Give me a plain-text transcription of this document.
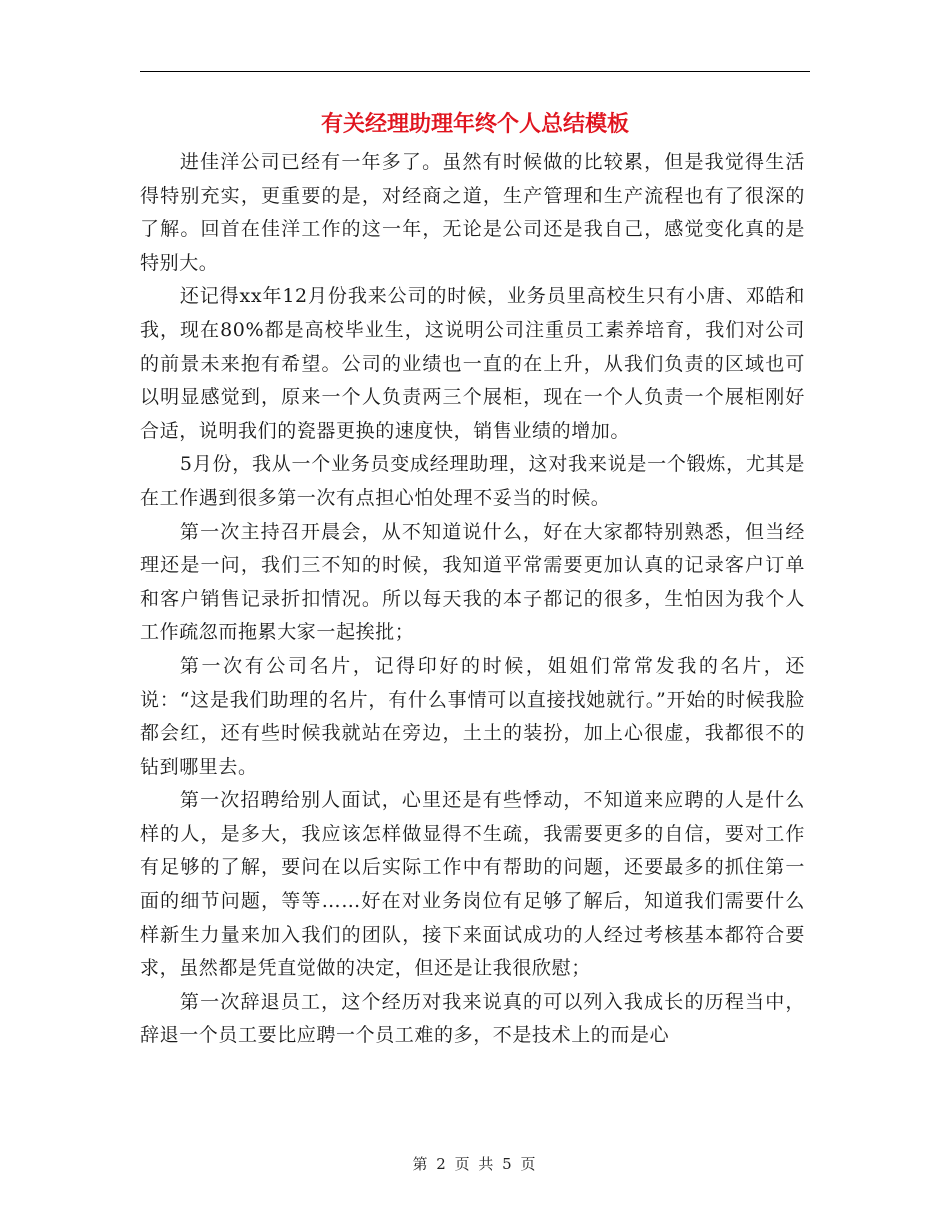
有关经理助理年终个人总结模板

进佳洋公司已经有一年多了。虽然有时候做的比较累，但是我觉得生活得特别充实，更重要的是，对经商之道，生产管理和生产流程也有了很深的了解。回首在佳洋工作的这一年，无论是公司还是我自己，感觉变化真的是特别大。

还记得xx年12月份我来公司的时候，业务员里高校生只有小唐、邓皓和我，现在80%都是高校毕业生，这说明公司注重员工素养培育，我们对公司的前景未来抱有希望。公司的业绩也一直的在上升，从我们负责的区域也可以明显感觉到，原来一个人负责两三个展柜，现在一个人负责一个展柜刚好合适，说明我们的瓷器更换的速度快，销售业绩的增加。

5月份，我从一个业务员变成经理助理，这对我来说是一个锻炼，尤其是在工作遇到很多第一次有点担心怕处理不妥当的时候。

第一次主持召开晨会，从不知道说什么，好在大家都特别熟悉，但当经理还是一问，我们三不知的时候，我知道平常需要更加认真的记录客户订单和客户销售记录折扣情况。所以每天我的本子都记的很多，生怕因为我个人工作疏忽而拖累大家一起挨批；

第一次有公司名片，记得印好的时候，姐姐们常常发我的名片，还说：“这是我们助理的名片，有什么事情可以直接找她就行。”开始的时候我脸都会红，还有些时候我就站在旁边，土土的装扮，加上心很虚，我都很不的钻到哪里去。

第一次招聘给别人面试，心里还是有些悸动，不知道来应聘的人是什么样的人，是多大，我应该怎样做显得不生疏，我需要更多的自信，要对工作有足够的了解，要问在以后实际工作中有帮助的问题，还要最多的抓住第一面的细节问题，等等……好在对业务岗位有足够了解后，知道我们需要什么样新生力量来加入我们的团队，接下来面试成功的人经过考核基本都符合要求，虽然都是凭直觉做的决定，但还是让我很欣慰；

第一次辞退员工，这个经历对我来说真的可以列入我成长的历程当中，辞退一个员工要比应聘一个员工难的多，不是技术上的而是心

第 2 页 共 5 页
